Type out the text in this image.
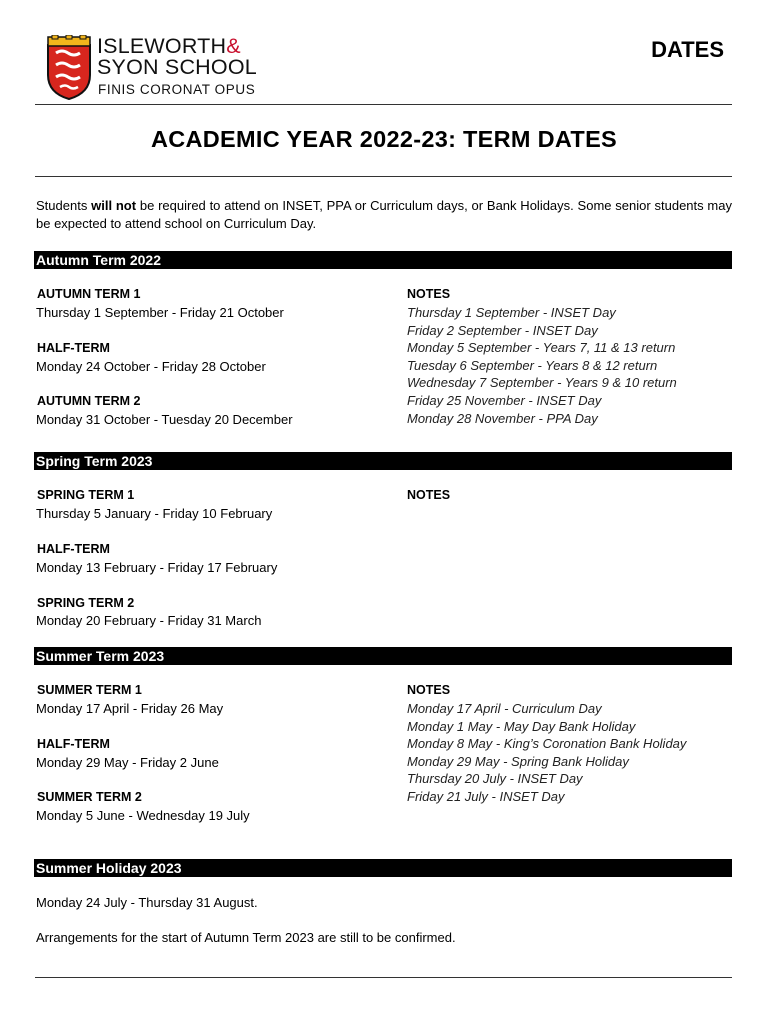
ISLEWORTH&
SYON SCHOOL
FINIS CORONAT OPUS
DATES
ACADEMIC YEAR 2022-23: TERM DATES
Students will not be required to attend on INSET, PPA or Curriculum days, or Bank Holidays. Some senior students may be expected to attend school on Curriculum Day.
Autumn Term 2022
AUTUMN TERM 1
Thursday 1 September - Friday 21 October
HALF-TERM
Monday 24 October - Friday 28 October
AUTUMN TERM 2
Monday 31 October - Tuesday 20 December
NOTES
Thursday 1 September - INSET Day
Friday 2 September - INSET Day
Monday 5 September - Years 7, 11 & 13 return
Tuesday 6 September - Years 8 & 12 return
Wednesday 7 September - Years 9 & 10 return
Friday 25 November - INSET Day
Monday 28 November - PPA Day
Spring Term 2023
SPRING TERM 1
Thursday 5 January - Friday 10 February
HALF-TERM
Monday 13 February - Friday 17 February
SPRING TERM 2
Monday 20 February - Friday 31 March
NOTES
Summer Term 2023
SUMMER TERM 1
Monday 17 April - Friday 26 May
HALF-TERM
Monday 29 May - Friday 2 June
SUMMER TERM 2
Monday 5 June - Wednesday 19 July
NOTES
Monday 17 April - Curriculum Day
Monday 1 May - May Day Bank Holiday
Monday 8 May - King’s Coronation Bank Holiday
Monday 29 May - Spring Bank Holiday
Thursday 20 July - INSET Day
Friday 21 July - INSET Day
Summer Holiday 2023
Monday 24 July - Thursday 31 August.
Arrangements for the start of Autumn Term 2023 are still to be confirmed.
